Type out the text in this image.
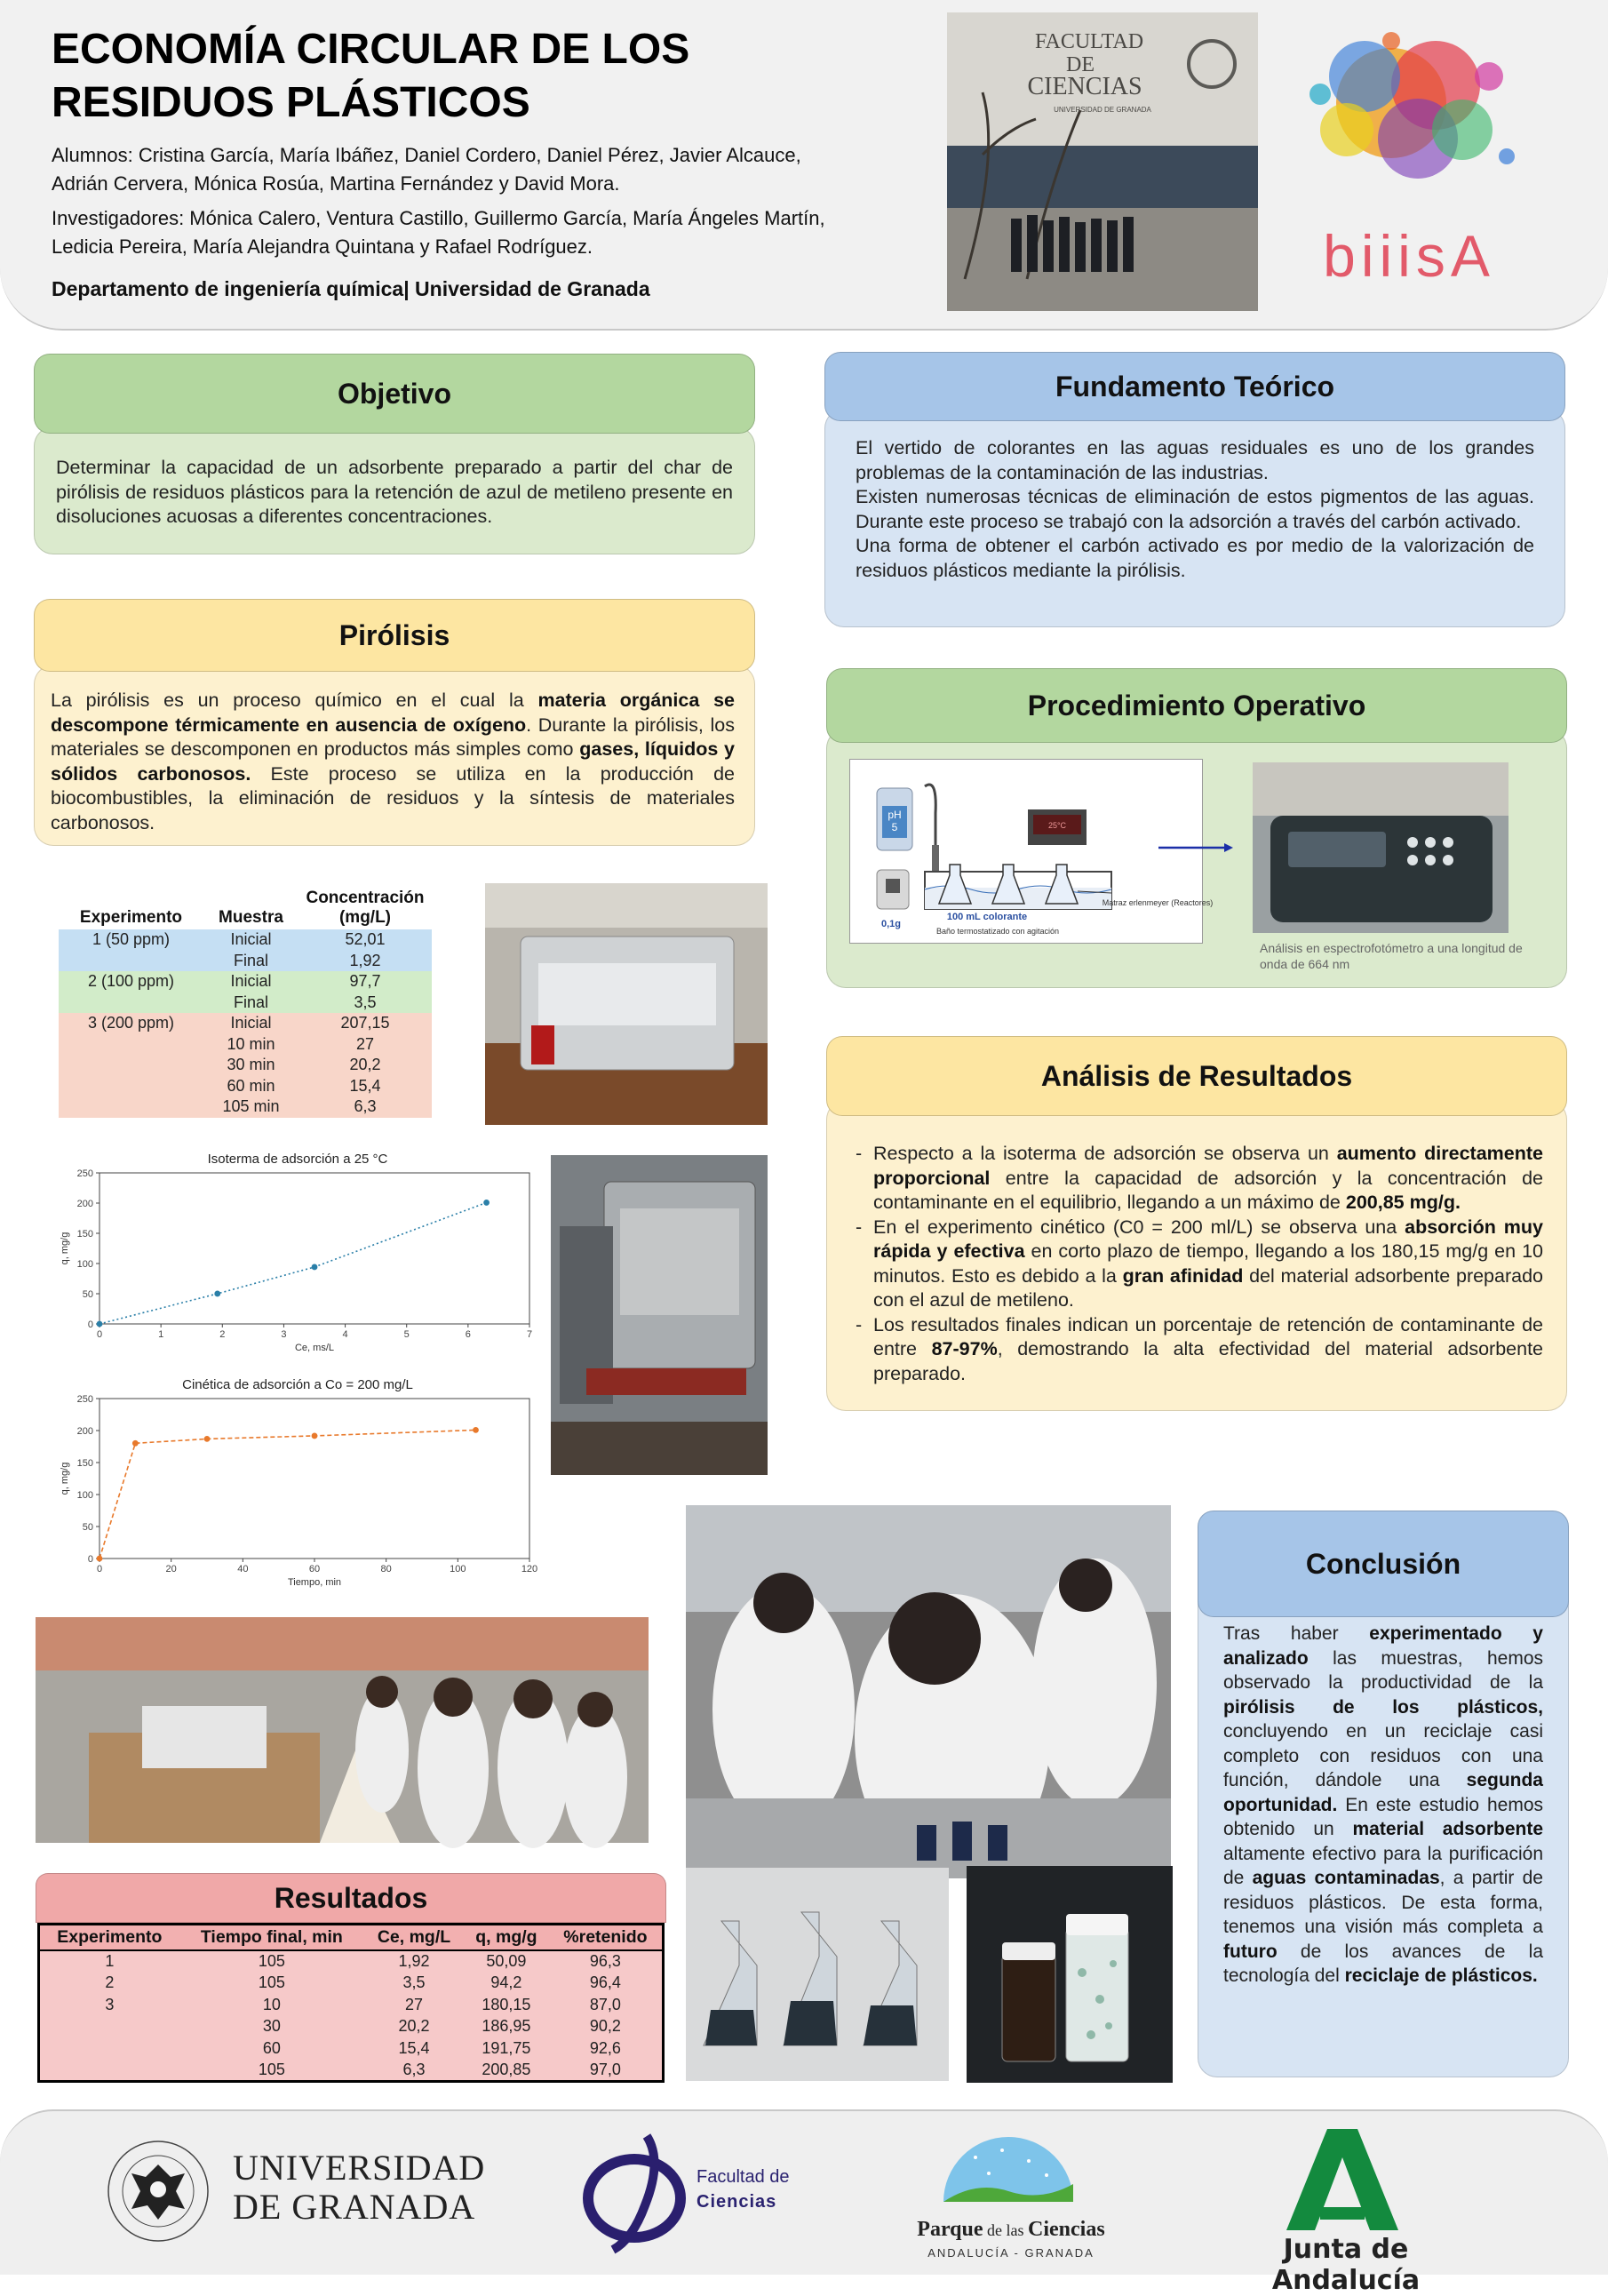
ECONOMÍA CIRCULAR DE LOS
RESIDUOS PLÁSTICOS
Alumnos: Cristina García, María Ibáñez, Daniel Cordero, Daniel Pérez, Javier Alcauce,
Adrián Cervera, Mónica Rosúa, Martina Fernández y David Mora.
Investigadores: Mónica Calero, Ventura Castillo, Guillermo García, María Ángeles Martín,
Ledicia Pereira, María Alejandra Quintana y Rafael Rodríguez.
Departamento de ingeniería química| Universidad de Granada
FACULTAD
DE
CIENCIAS
UNIVERSIDAD DE GRANADA
biiisA
Determinar la capacidad de un adsorbente preparado a partir del char de pirólisis de residuos plásticos para la retención de azul de metileno presente en disoluciones acuosas a diferentes concentraciones.
Objetivo
El vertido de colorantes en las aguas residuales es uno de los grandes problemas de la contaminación de las industrias.
Existen numerosas técnicas de eliminación de estos pigmentos de las aguas. Durante este proceso se trabajó con la adsorción a través del carbón activado.
Una forma de obtener el carbón activado es por medio de la valorización de residuos plásticos mediante la pirólisis.
Fundamento Teórico
La pirólisis es un proceso químico en el cual la materia orgánica se descompone térmicamente en ausencia de oxígeno. Durante la pirólisis, los materiales se descomponen en productos más simples como gases, líquidos y sólidos carbonosos. Este proceso se utiliza en la producción de biocombustibles, la eliminación de residuos y la síntesis de materiales carbonosos.
Pirólisis
Procedimiento Operativo
pH
5	25°C
0,1g
100 mL colorante
Baño termostatizado con agitación
Matraz erlenmeyer (Reactores)
Análisis en espectrofotómetro a una longitud de onda de 664 nm
- Respecto a la isoterma de adsorción se observa un aumento directamente proporcional entre la capacidad de adsorción y la concentración de contaminante en el equilibrio, llegando a un máximo de 200,85 mg/g.
- En el experimento cinético (C0 = 200 ml/L) se observa una absorción muy rápida y efectiva en corto plazo de tiempo, llegando a los 180,15 mg/g en 10 minutos. Esto es debido a la gran afinidad del material adsorbente preparado con el azul de metileno.
- Los resultados finales indican un porcentaje de retención de contaminante de entre 87-97%, demostrando la alta efectividad del material adsorbente preparado.
Análisis de Resultados
Experimento	Muestra	Concentración (mg/L)
1 (50 ppm)	Inicial	52,01
	Final	1,92
2 (100 ppm)	Inicial	97,7
	Final	3,5
3 (200 ppm)	Inicial	207,15
	10 min	27
	30 min	20,2
	60 min	15,4
	105 min	6,3
Isoterma de adsorción a 25 °C
0	1	2	3	4	5	6	7
0
50
100
150
200
250
Ce, ms/L
q, mg/g
Cinética de adsorción a Co = 200 mg/L
0	20	40	60	80	100	120
0
50
100
150
200
250
Tiempo, min
q, mg/g
Tras haber experimentado y analizado las muestras, hemos observado la productividad de la pirólisis de los plásticos, concluyendo en un reciclaje casi completo con residuos con una función, dándole una segunda oportunidad. En este estudio hemos obtenido un material adsorbente altamente efectivo para la purificación de aguas contaminadas, a partir de residuos plásticos. De esta forma, tenemos una visión más completa a futuro de los avances de la tecnología del reciclaje de plásticos.
Conclusión
Resultados
Experimento	Tiempo final, min	Ce, mg/L	q, mg/g	%retenido
1	105	1,92	50,09	96,3
2	105	3,5	94,2	96,4
3	10	27	180,15	87,0
	30	20,2	186,95	90,2
	60	15,4	191,75	92,6
	105	6,3	200,85	97,0
UNIVERSIDAD
DE GRANADA
Facultad de
Ciencias
Parque de las Ciencias
ANDALUCÍA - GRANADA	Junta de Andalucía
